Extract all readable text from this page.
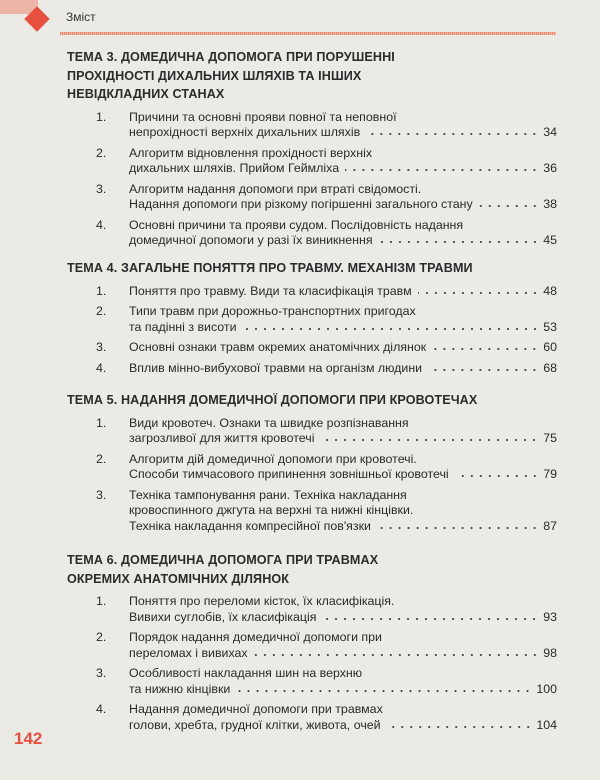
Зміст
ТЕМА 3. ДОМЕДИЧНА ДОПОМОГА ПРИ ПОРУШЕННІ
ПРОХІДНОСТІ ДИХАЛЬНИХ ШЛЯХІВ ТА ІНШИХ
НЕВІДКЛАДНИХ СТАНАХ
1.	Причини та основні прояви повної та неповної
непрохідності верхніх дихальних шляхів	34
2.	Алгоритм відновлення прохідності верхніх
дихальних шляхів. Прийом Геймліха	36
3.	Алгоритм надання допомоги при втраті свідомості.
Надання допомоги при різкому погіршенні загального стану	38
4.	Основні причини та прояви судом. Послідовність надання
домедичної допомоги у разі їх виникнення	45
ТЕМА 4. ЗАГАЛЬНЕ ПОНЯТТЯ ПРО ТРАВМУ. МЕХАНІЗМ ТРАВМИ
1.	Поняття про травму. Види та класифікація травм	48
2.	Типи травм при дорожньо-транспортних пригодах
та падінні з висоти	53
3.	Основні ознаки травм окремих анатомічних ділянок	60
4.	Вплив мінно-вибухової травми на організм людини	68
ТЕМА 5. НАДАННЯ ДОМЕДИЧНОЇ ДОПОМОГИ ПРИ КРОВОТЕЧАХ
1.	Види кровотеч. Ознаки та швидке розпізнавання
загрозливої для життя кровотечі	75
2.	Алгоритм дій домедичної допомоги при кровотечі.
Способи тимчасового припинення зовнішньої кровотечі	79
3.	Техніка тампонування рани. Техніка накладання
кровоспинного джгута на верхні та нижні кінцівки.
Техніка накладання компресійної пов'язки	87
ТЕМА 6. ДОМЕДИЧНА ДОПОМОГА ПРИ ТРАВМАХ
ОКРЕМИХ АНАТОМІЧНИХ ДІЛЯНОК
1.	Поняття про переломи кісток, їх класифікація.
Вивихи суглобів, їх класифікація	93
2.	Порядок надання домедичної допомоги при
переломах і вивихах	98
3.	Особливості накладання шин на верхню
та нижню кінцівки	100
4.	Надання домедичної допомоги при травмах
голови, хребта, грудної клітки, живота, очей	104
142
